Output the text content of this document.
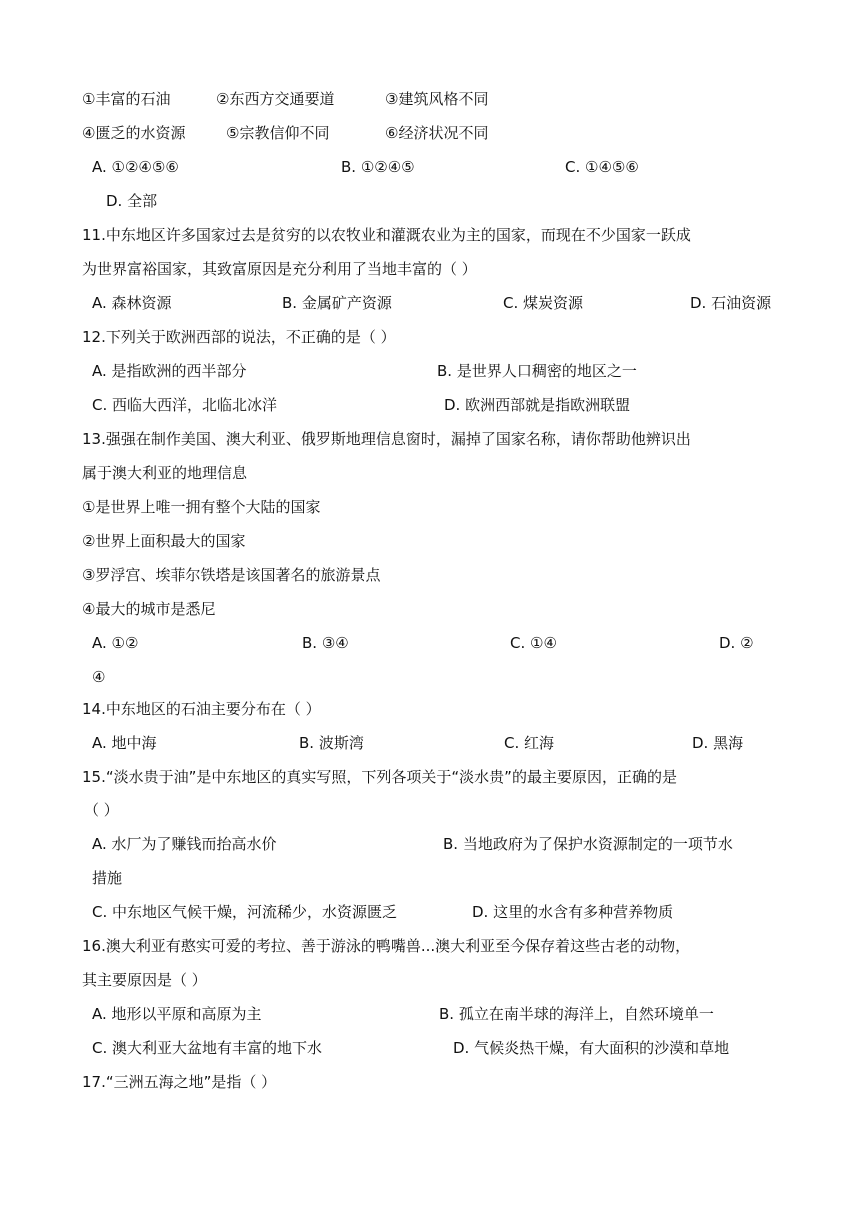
①丰富的石油	②东西方交通要道	③建筑风格不同
④匮乏的水资源	⑤宗教信仰不同	⑥经济状况不同
A. ①②④⑤⑥	B. ①②④⑤	C. ①④⑤⑥
D. 全部
11.中东地区许多国家过去是贫穷的以农牧业和灌溉农业为主的国家，而现在不少国家一跃成
为世界富裕国家，其致富原因是充分利用了当地丰富的（ ）
A. 森林资源	B. 金属矿产资源	C. 煤炭资源	D. 石油资源
12.下列关于欧洲西部的说法，不正确的是（ ）
A. 是指欧洲的西半部分	B. 是世界人口稠密的地区之一
C. 西临大西洋，北临北冰洋	D. 欧洲西部就是指欧洲联盟
13.强强在制作美国、澳大利亚、俄罗斯地理信息窗时，漏掉了国家名称，请你帮助他辨识出
属于澳大利亚的地理信息
①是世界上唯一拥有整个大陆的国家
②世界上面积最大的国家
③罗浮宫、埃菲尔铁塔是该国著名的旅游景点
④最大的城市是悉尼
A. ①②	B. ③④	C. ①④	D. ②
④
14.中东地区的石油主要分布在（ ）
A. 地中海	B. 波斯湾	C. 红海	D. 黑海
15.“淡水贵于油”是中东地区的真实写照，下列各项关于“淡水贵”的最主要原因，正确的是
（ ）
A. 水厂为了赚钱而抬高水价	B. 当地政府为了保护水资源制定的一项节水
措施
C. 中东地区气候干燥，河流稀少，水资源匮乏	D. 这里的水含有多种营养物质
16.澳大利亚有憨实可爱的考拉、善于游泳的鸭嘴兽...澳大利亚至今保存着这些古老的动物，
其主要原因是（ ）
A. 地形以平原和高原为主	B. 孤立在南半球的海洋上，自然环境单一
C. 澳大利亚大盆地有丰富的地下水	D. 气候炎热干燥，有大面积的沙漠和草地
17.“三洲五海之地”是指（ ）
